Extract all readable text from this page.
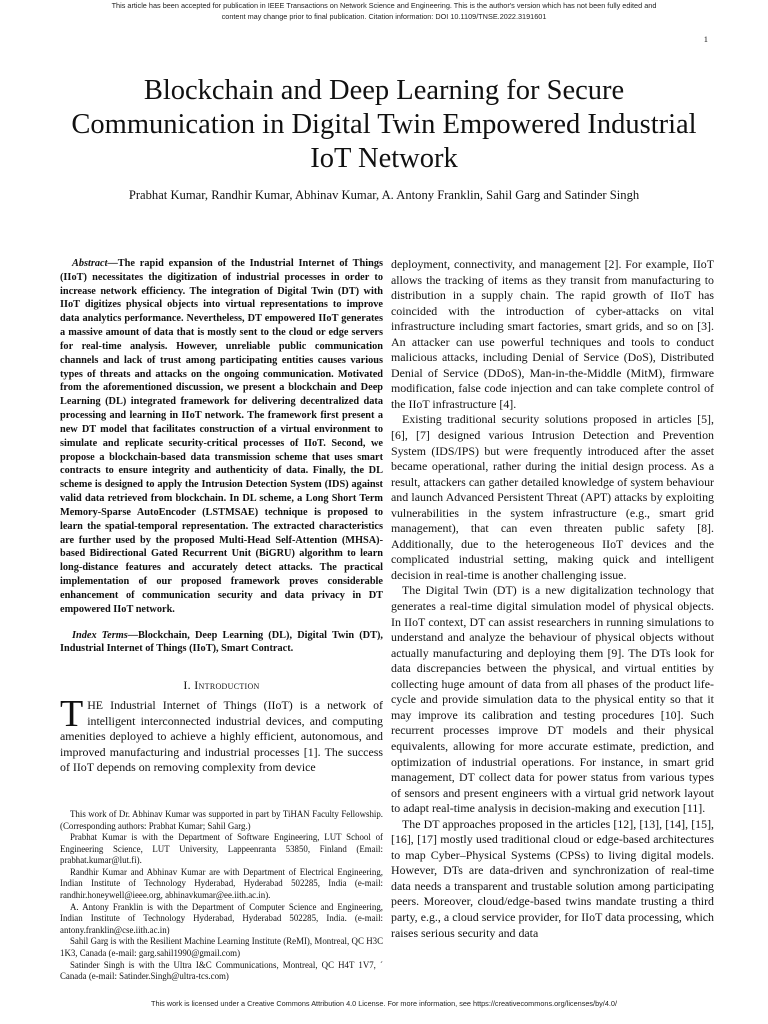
This article has been accepted for publication in IEEE Transactions on Network Science and Engineering. This is the author's version which has not been fully edited and
content may change prior to final publication. Citation information: DOI 10.1109/TNSE.2022.3191601
1
Blockchain and Deep Learning for Secure Communication in Digital Twin Empowered Industrial IoT Network
Prabhat Kumar, Randhir Kumar, Abhinav Kumar, A. Antony Franklin, Sahil Garg and Satinder Singh

Abstract—The rapid expansion of the Industrial Internet of Things (IIoT) necessitates the digitization of industrial processes in order to increase network efficiency. The integration of Digital Twin (DT) with IIoT digitizes physical objects into virtual representations to improve data analytics performance. Nevertheless, DT empowered IIoT generates a massive amount of data that is mostly sent to the cloud or edge servers for real-time analysis. However, unreliable public communication channels and lack of trust among participating entities causes various types of threats and attacks on the ongoing communication. Motivated from the aforementioned discussion, we present a blockchain and Deep Learning (DL) integrated framework for delivering decentralized data processing and learning in IIoT network. The framework first present a new DT model that facilitates construction of a virtual environment to simulate and replicate security-critical processes of IIoT. Second, we propose a blockchain-based data transmission scheme that uses smart contracts to ensure integrity and authenticity of data. Finally, the DL scheme is designed to apply the Intrusion Detection System (IDS) against valid data retrieved from blockchain. In DL scheme, a Long Short Term Memory-Sparse AutoEncoder (LSTMSAE) technique is proposed to learn the spatial-temporal representation. The extracted characteristics are further used by the proposed Multi-Head Self-Attention (MHSA)-based Bidirectional Gated Recurrent Unit (BiGRU) algorithm to learn long-distance features and accurately detect attacks. The practical implementation of our proposed framework proves considerable enhancement of communication security and data privacy in DT empowered IIoT network.

Index Terms—Blockchain, Deep Learning (DL), Digital Twin (DT), Industrial Internet of Things (IIoT), Smart Contract.

I. Introduction

THE Industrial Internet of Things (IIoT) is a network of intelligent interconnected industrial devices, and computing amenities deployed to achieve a highly efficient, autonomous, and improved manufacturing and industrial processes [1]. The success of IIoT depends on removing complexity from device

This work of Dr. Abhinav Kumar was supported in part by TiHAN Faculty Fellowship. (Corresponding authors: Prabhat Kumar; Sahil Garg.)

Prabhat Kumar is with the Department of Software Engineering, LUT School of Engineering Science, LUT University, Lappeenranta 53850, Finland (Email: prabhat.kumar@lut.fi).

Randhir Kumar and Abhinav Kumar are with Department of Electrical Engineering, Indian Institute of Technology Hyderabad, Hyderabad 502285, India (e-mail: randhir.honeywell@ieee.org, abhinavkumar@ee.iith.ac.in).

A. Antony Franklin is with the Department of Computer Science and Engineering, Indian Institute of Technology Hyderabad, Hyderabad 502285, India. (e-mail: antony.franklin@cse.iith.ac.in)

Sahil Garg is with the Resilient Machine Learning Institute (ReMI), Montreal, QC H3C 1K3, Canada (e-mail: garg.sahil1990@gmail.com)

Satinder Singh is with the Ultra I&C Communications, Montreal, QC H4T 1V7, ´ Canada (e-mail: Satinder.Singh@ultra-tcs.com)

deployment, connectivity, and management [2]. For example, IIoT allows the tracking of items as they transit from manufacturing to distribution in a supply chain. The rapid growth of IIoT has coincided with the introduction of cyber-attacks on vital infrastructure including smart factories, smart grids, and so on [3]. An attacker can use powerful techniques and tools to conduct malicious attacks, including Denial of Service (DoS), Distributed Denial of Service (DDoS), Man-in-the-Middle (MitM), firmware modification, false code injection and can take complete control of the IIoT infrastructure [4].

Existing traditional security solutions proposed in articles [5], [6], [7] designed various Intrusion Detection and Prevention System (IDS/IPS) but were frequently introduced after the asset became operational, rather during the initial design process. As a result, attackers can gather detailed knowledge of system behaviour and launch Advanced Persistent Threat (APT) attacks by exploiting vulnerabilities in the system infrastructure (e.g., smart grid management), that can even threaten public safety [8]. Additionally, due to the heterogeneous IIoT devices and the complicated industrial setting, making quick and intelligent decision in real-time is another challenging issue.

The Digital Twin (DT) is a new digitalization technology that generates a real-time digital simulation model of physical objects. In IIoT context, DT can assist researchers in running simulations to understand and analyze the behaviour of physical objects without actually manufacturing and deploying them [9]. The DTs look for data discrepancies between the physical, and virtual entities by collecting huge amount of data from all phases of the product life-cycle and provide simulation data to the physical entity so that it may improve its calibration and testing procedures [10]. Such recurrent processes improve DT models and their physical equivalents, allowing for more accurate estimate, prediction, and optimization of industrial operations. For instance, in smart grid management, DT collect data for power status from various types of sensors and present engineers with a virtual grid network layout to adapt real-time analysis in decision-making and execution [11].

The DT approaches proposed in the articles [12], [13], [14], [15], [16], [17] mostly used traditional cloud or edge-based architectures to map Cyber–Physical Systems (CPSs) to living digital models. However, DTs are data-driven and synchronization of real-time data needs a transparent and trustable solution among participating peers. Moreover, cloud/edge-based twins mandate trusting a third party, e.g., a cloud service provider, for IIoT data processing, which raises serious security and data

This work is licensed under a Creative Commons Attribution 4.0 License. For more information, see https://creativecommons.org/licenses/by/4.0/
